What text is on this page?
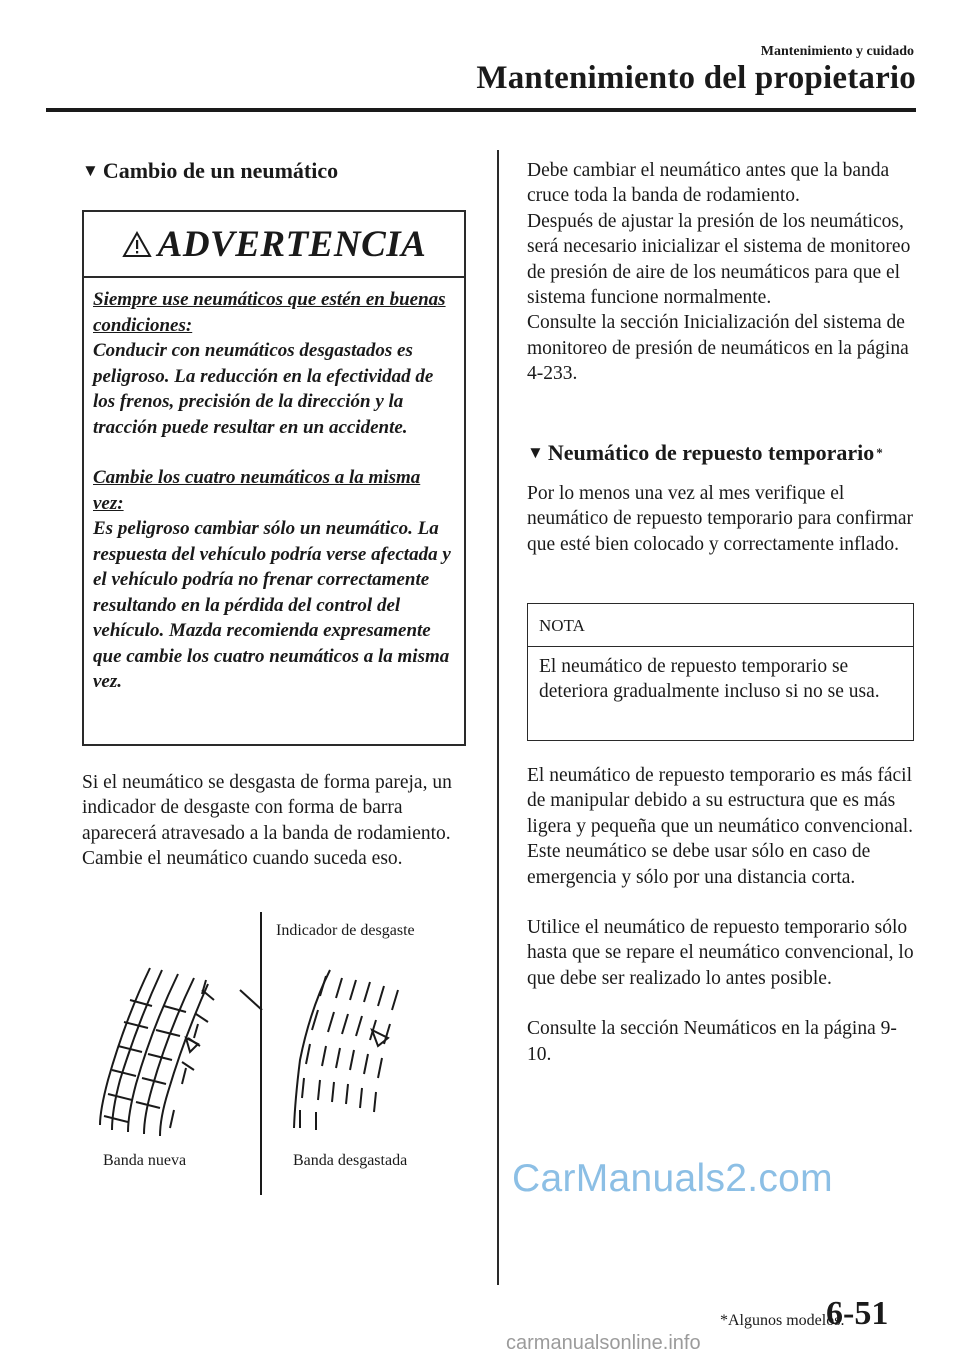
Mantenimiento y cuidado
Mantenimiento del propietario
▼ Cambio de un neumático
ADVERTENCIA

Siempre use neumáticos que estén en buenas condiciones:

Conducir con neumáticos desgastados es peligroso. La reducción en la efectividad de los frenos, precisión de la dirección y la tracción puede resultar en un accidente.

Cambie los cuatro neumáticos a la misma vez:

Es peligroso cambiar sólo un neumático. La respuesta del vehículo podría verse afectada y el vehículo podría no frenar correctamente resultando en la pérdida del control del vehículo. Mazda recomienda expresamente que cambie los cuatro neumáticos a la misma vez.

Si el neumático se desgasta de forma pareja, un indicador de desgaste con forma de barra aparecerá atravesado a la banda de rodamiento.

Cambie el neumático cuando suceda eso.

Indicador de desgaste
Banda nueva	Banda desgastada

Debe cambiar el neumático antes que la banda cruce toda la banda de rodamiento.

Después de ajustar la presión de los neumáticos, será necesario inicializar el sistema de monitoreo de presión de aire de los neumáticos para que el sistema funcione normalmente.

Consulte la sección Inicialización del sistema de monitoreo de presión de neumáticos en la página 4-233.

▼ Neumático de repuesto temporario *

Por lo menos una vez al mes verifique el neumático de repuesto temporario para confirmar que esté bien colocado y correctamente inflado.

NOTA
El neumático de repuesto temporario se deteriora gradualmente incluso si no se usa.

El neumático de repuesto temporario es más fácil de manipular debido a su estructura que es más ligera y pequeña que un neumático convencional. Este neumático se debe usar sólo en caso de emergencia y sólo por una distancia corta.

Utilice el neumático de repuesto temporario sólo hasta que se repare el neumático convencional, lo que debe ser realizado lo antes posible.

Consulte la sección Neumáticos en la página 9-10.

*Algunos modelos.
6-51
CarManuals2.com
carmanualsonline.info
